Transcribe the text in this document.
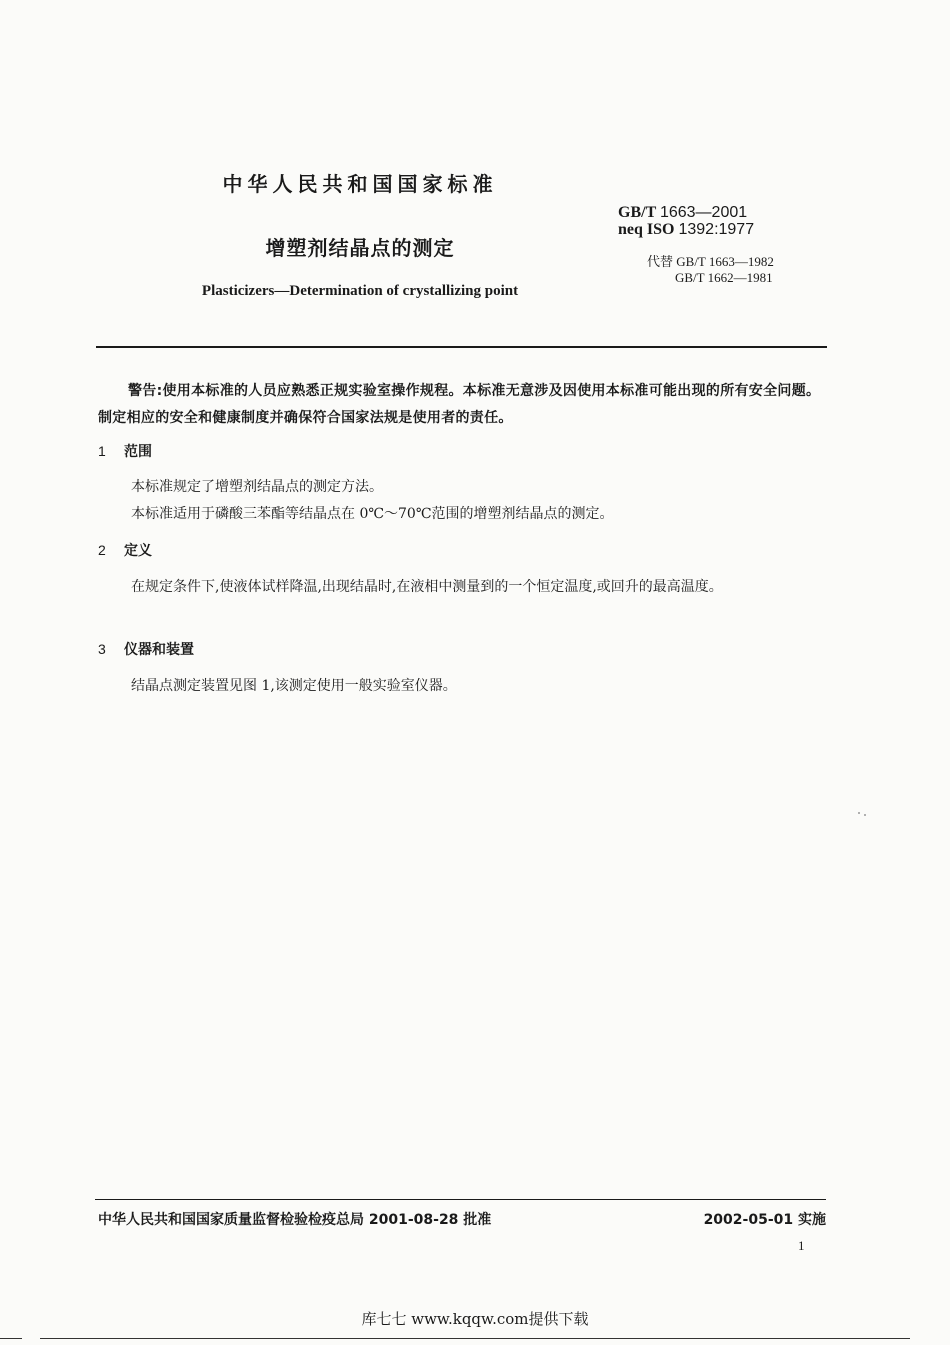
中华人民共和国国家标准
GB/T 1663—2001
neq ISO 1392:1977
代替 GB/T 1663—1982
GB/T 1662—1981
增塑剂结晶点的测定
Plasticizers—Determination of crystallizing point

警告:使用本标准的人员应熟悉正规实验室操作规程。本标准无意涉及因使用本标准可能出现的所有安全问题。制定相应的安全和健康制度并确保符合国家法规是使用者的责任。

1 范围

本标准规定了增塑剂结晶点的测定方法。

本标准适用于磷酸三苯酯等结晶点在 0℃～70℃范围的增塑剂结晶点的测定。

2 定义

在规定条件下,使液体试样降温,出现结晶时,在液相中测量到的一个恒定温度,或回升的最高温度。

3 仪器和装置

结晶点测定装置见图 1,该测定使用一般实验室仪器。

中华人民共和国国家质量监督检验检疫总局 2001-08-28 批准	2002-05-01 实施
1
库七七 www.kqqw.com提供下载
